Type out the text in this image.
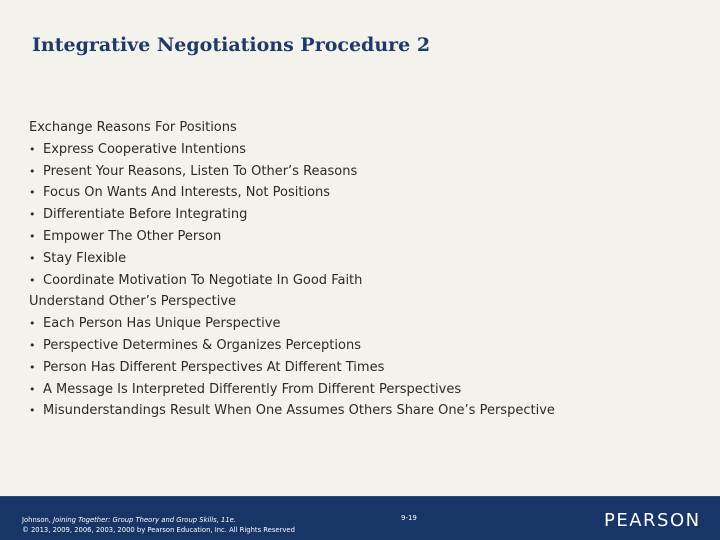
Integrative Negotiations Procedure 2
Exchange Reasons For Positions
• Express Cooperative Intentions
• Present Your Reasons, Listen To Other’s Reasons
• Focus On Wants And Interests, Not Positions
• Differentiate Before Integrating
• Empower The Other Person
• Stay Flexible
• Coordinate Motivation To Negotiate In Good Faith
Understand Other’s Perspective
• Each Person Has Unique Perspective
• Perspective Determines & Organizes Perceptions
• Person Has Different Perspectives At Different Times
• A Message Is Interpreted Differently From Different Perspectives
• Misunderstandings Result When One Assumes Others Share One’s Perspective
Johnson, Joining Together: Group Theory and Group Skills, 11e.
© 2013, 2009, 2006, 2003, 2000 by Pearson Education, Inc. All Rights Reserved
9-19	PEARSON
